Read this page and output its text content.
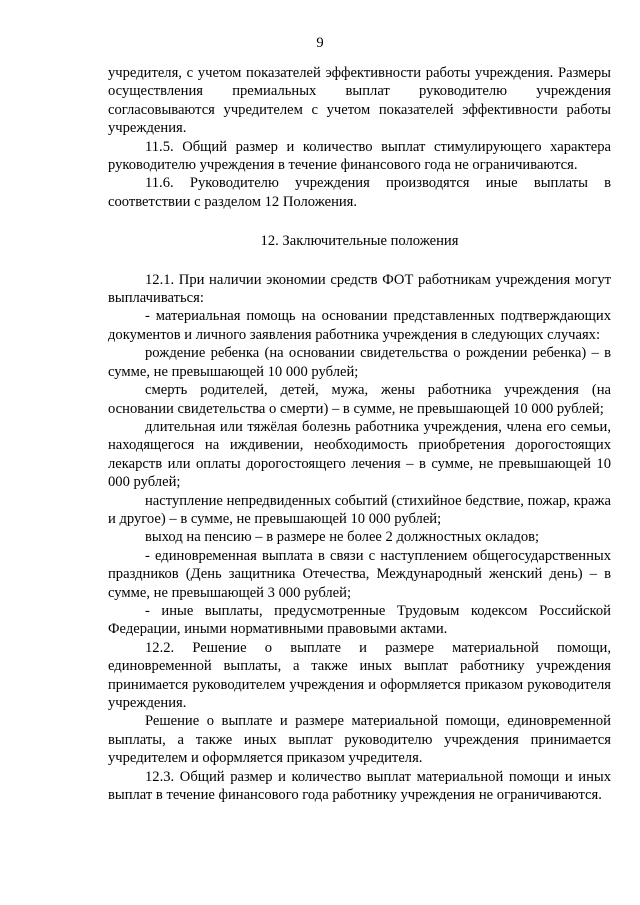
9

учредителя, с учетом показателей эффективности работы учреждения. Размеры осуществления премиальных выплат руководителю учреждения согласовываются учредителем с учетом показателей эффективности работы учреждения.

11.5. Общий размер и количество выплат стимулирующего характера руководителю учреждения в течение финансового года не ограничиваются.

11.6. Руководителю учреждения производятся иные выплаты в соответствии с разделом 12 Положения.

12. Заключительные положения

12.1. При наличии экономии средств ФОТ работникам учреждения могут выплачиваться:

- материальная помощь на основании представленных подтверждающих документов и личного заявления работника учреждения в следующих случаях:

рождение ребенка (на основании свидетельства о рождении ребенка) – в сумме, не превышающей 10 000 рублей;

смерть родителей, детей, мужа, жены работника учреждения (на основании свидетельства о смерти) – в сумме, не превышающей 10 000 рублей;

длительная или тяжёлая болезнь работника учреждения, члена его семьи, находящегося на иждивении, необходимость приобретения дорогостоящих лекарств или оплаты дорогостоящего лечения – в сумме, не превышающей 10 000 рублей;

наступление непредвиденных событий (стихийное бедствие, пожар, кража и другое) – в сумме, не превышающей 10 000 рублей;

выход на пенсию – в размере не более 2 должностных окладов;

- единовременная выплата в связи с наступлением общегосударственных праздников (День защитника Отечества, Международный женский день) – в сумме, не превышающей 3 000 рублей;

- иные выплаты, предусмотренные Трудовым кодексом Российской Федерации, иными нормативными правовыми актами.

12.2. Решение о выплате и размере материальной помощи, единовременной выплаты, а также иных выплат работнику учреждения принимается руководителем учреждения и оформляется приказом руководителя учреждения.

Решение о выплате и размере материальной помощи, единовременной выплаты, а также иных выплат руководителю учреждения принимается учредителем и оформляется приказом учредителя.

12.3. Общий размер и количество выплат материальной помощи и иных выплат в течение финансового года работнику учреждения не ограничиваются.
